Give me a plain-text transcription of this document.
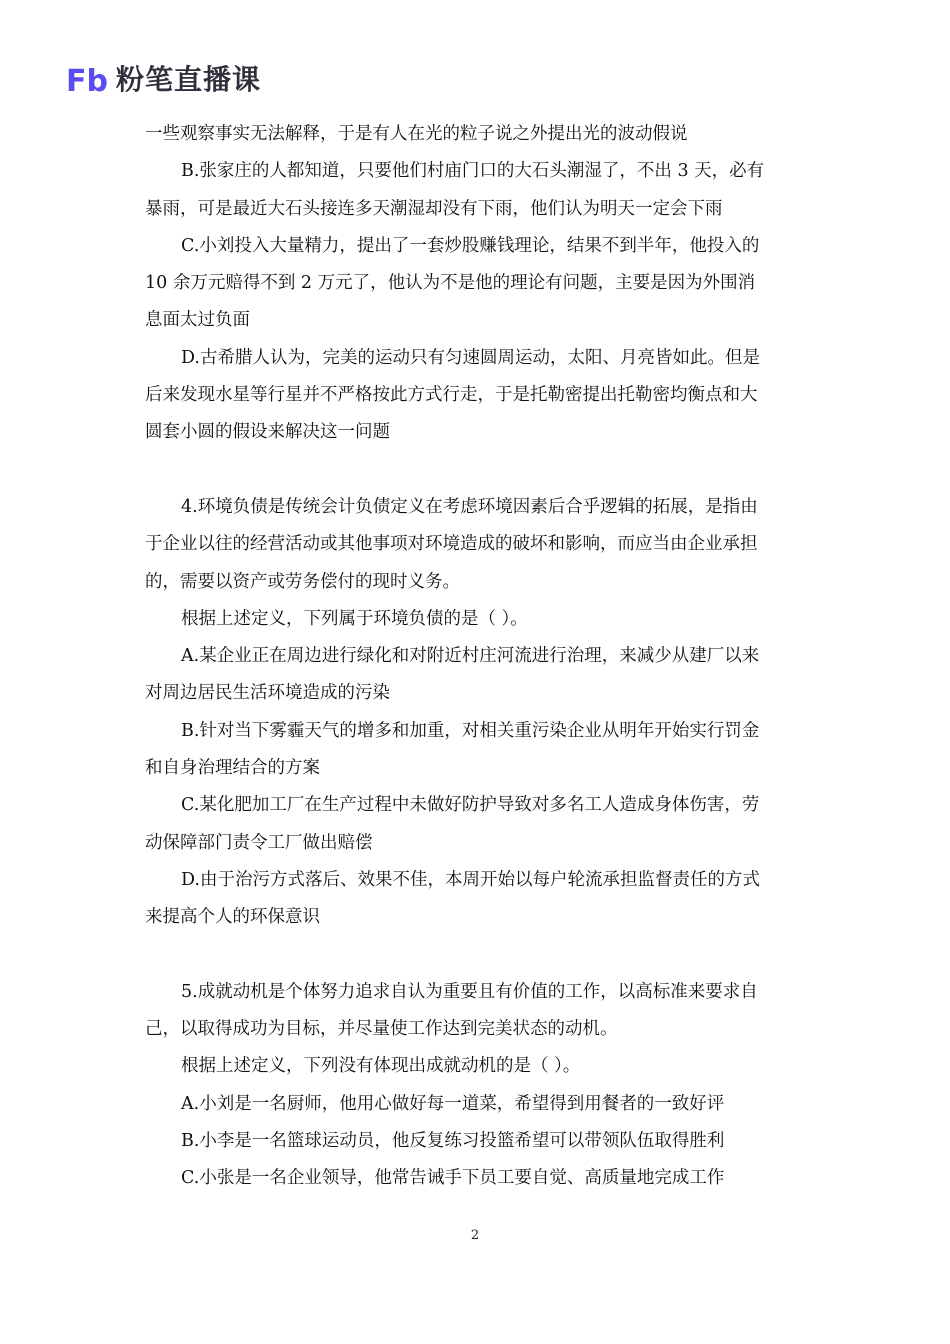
Fb 粉笔直播课
一些观察事实无法解释，于是有人在光的粒子说之外提出光的波动假说
B.张家庄的人都知道，只要他们村庙门口的大石头潮湿了，不出 3 天，必有
暴雨，可是最近大石头接连多天潮湿却没有下雨，他们认为明天一定会下雨
C.小刘投入大量精力，提出了一套炒股赚钱理论，结果不到半年，他投入的
10 余万元赔得不到 2 万元了，他认为不是他的理论有问题，主要是因为外围消
息面太过负面
D.古希腊人认为，完美的运动只有匀速圆周运动，太阳、月亮皆如此。但是
后来发现水星等行星并不严格按此方式行走，于是托勒密提出托勒密均衡点和大
圆套小圆的假设来解决这一问题
4.环境负债是传统会计负债定义在考虑环境因素后合乎逻辑的拓展，是指由
于企业以往的经营活动或其他事项对环境造成的破坏和影响，而应当由企业承担
的，需要以资产或劳务偿付的现时义务。
根据上述定义，下列属于环境负债的是（ ）。
A.某企业正在周边进行绿化和对附近村庄河流进行治理，来减少从建厂以来
对周边居民生活环境造成的污染
B.针对当下雾霾天气的增多和加重，对相关重污染企业从明年开始实行罚金
和自身治理结合的方案
C.某化肥加工厂在生产过程中未做好防护导致对多名工人造成身体伤害，劳
动保障部门责令工厂做出赔偿
D.由于治污方式落后、效果不佳，本周开始以每户轮流承担监督责任的方式
来提高个人的环保意识
5.成就动机是个体努力追求自认为重要且有价值的工作，以高标准来要求自
己，以取得成功为目标，并尽量使工作达到完美状态的动机。
根据上述定义，下列没有体现出成就动机的是（ ）。
A.小刘是一名厨师，他用心做好每一道菜，希望得到用餐者的一致好评
B.小李是一名篮球运动员，他反复练习投篮希望可以带领队伍取得胜利
C.小张是一名企业领导，他常告诫手下员工要自觉、高质量地完成工作
2
